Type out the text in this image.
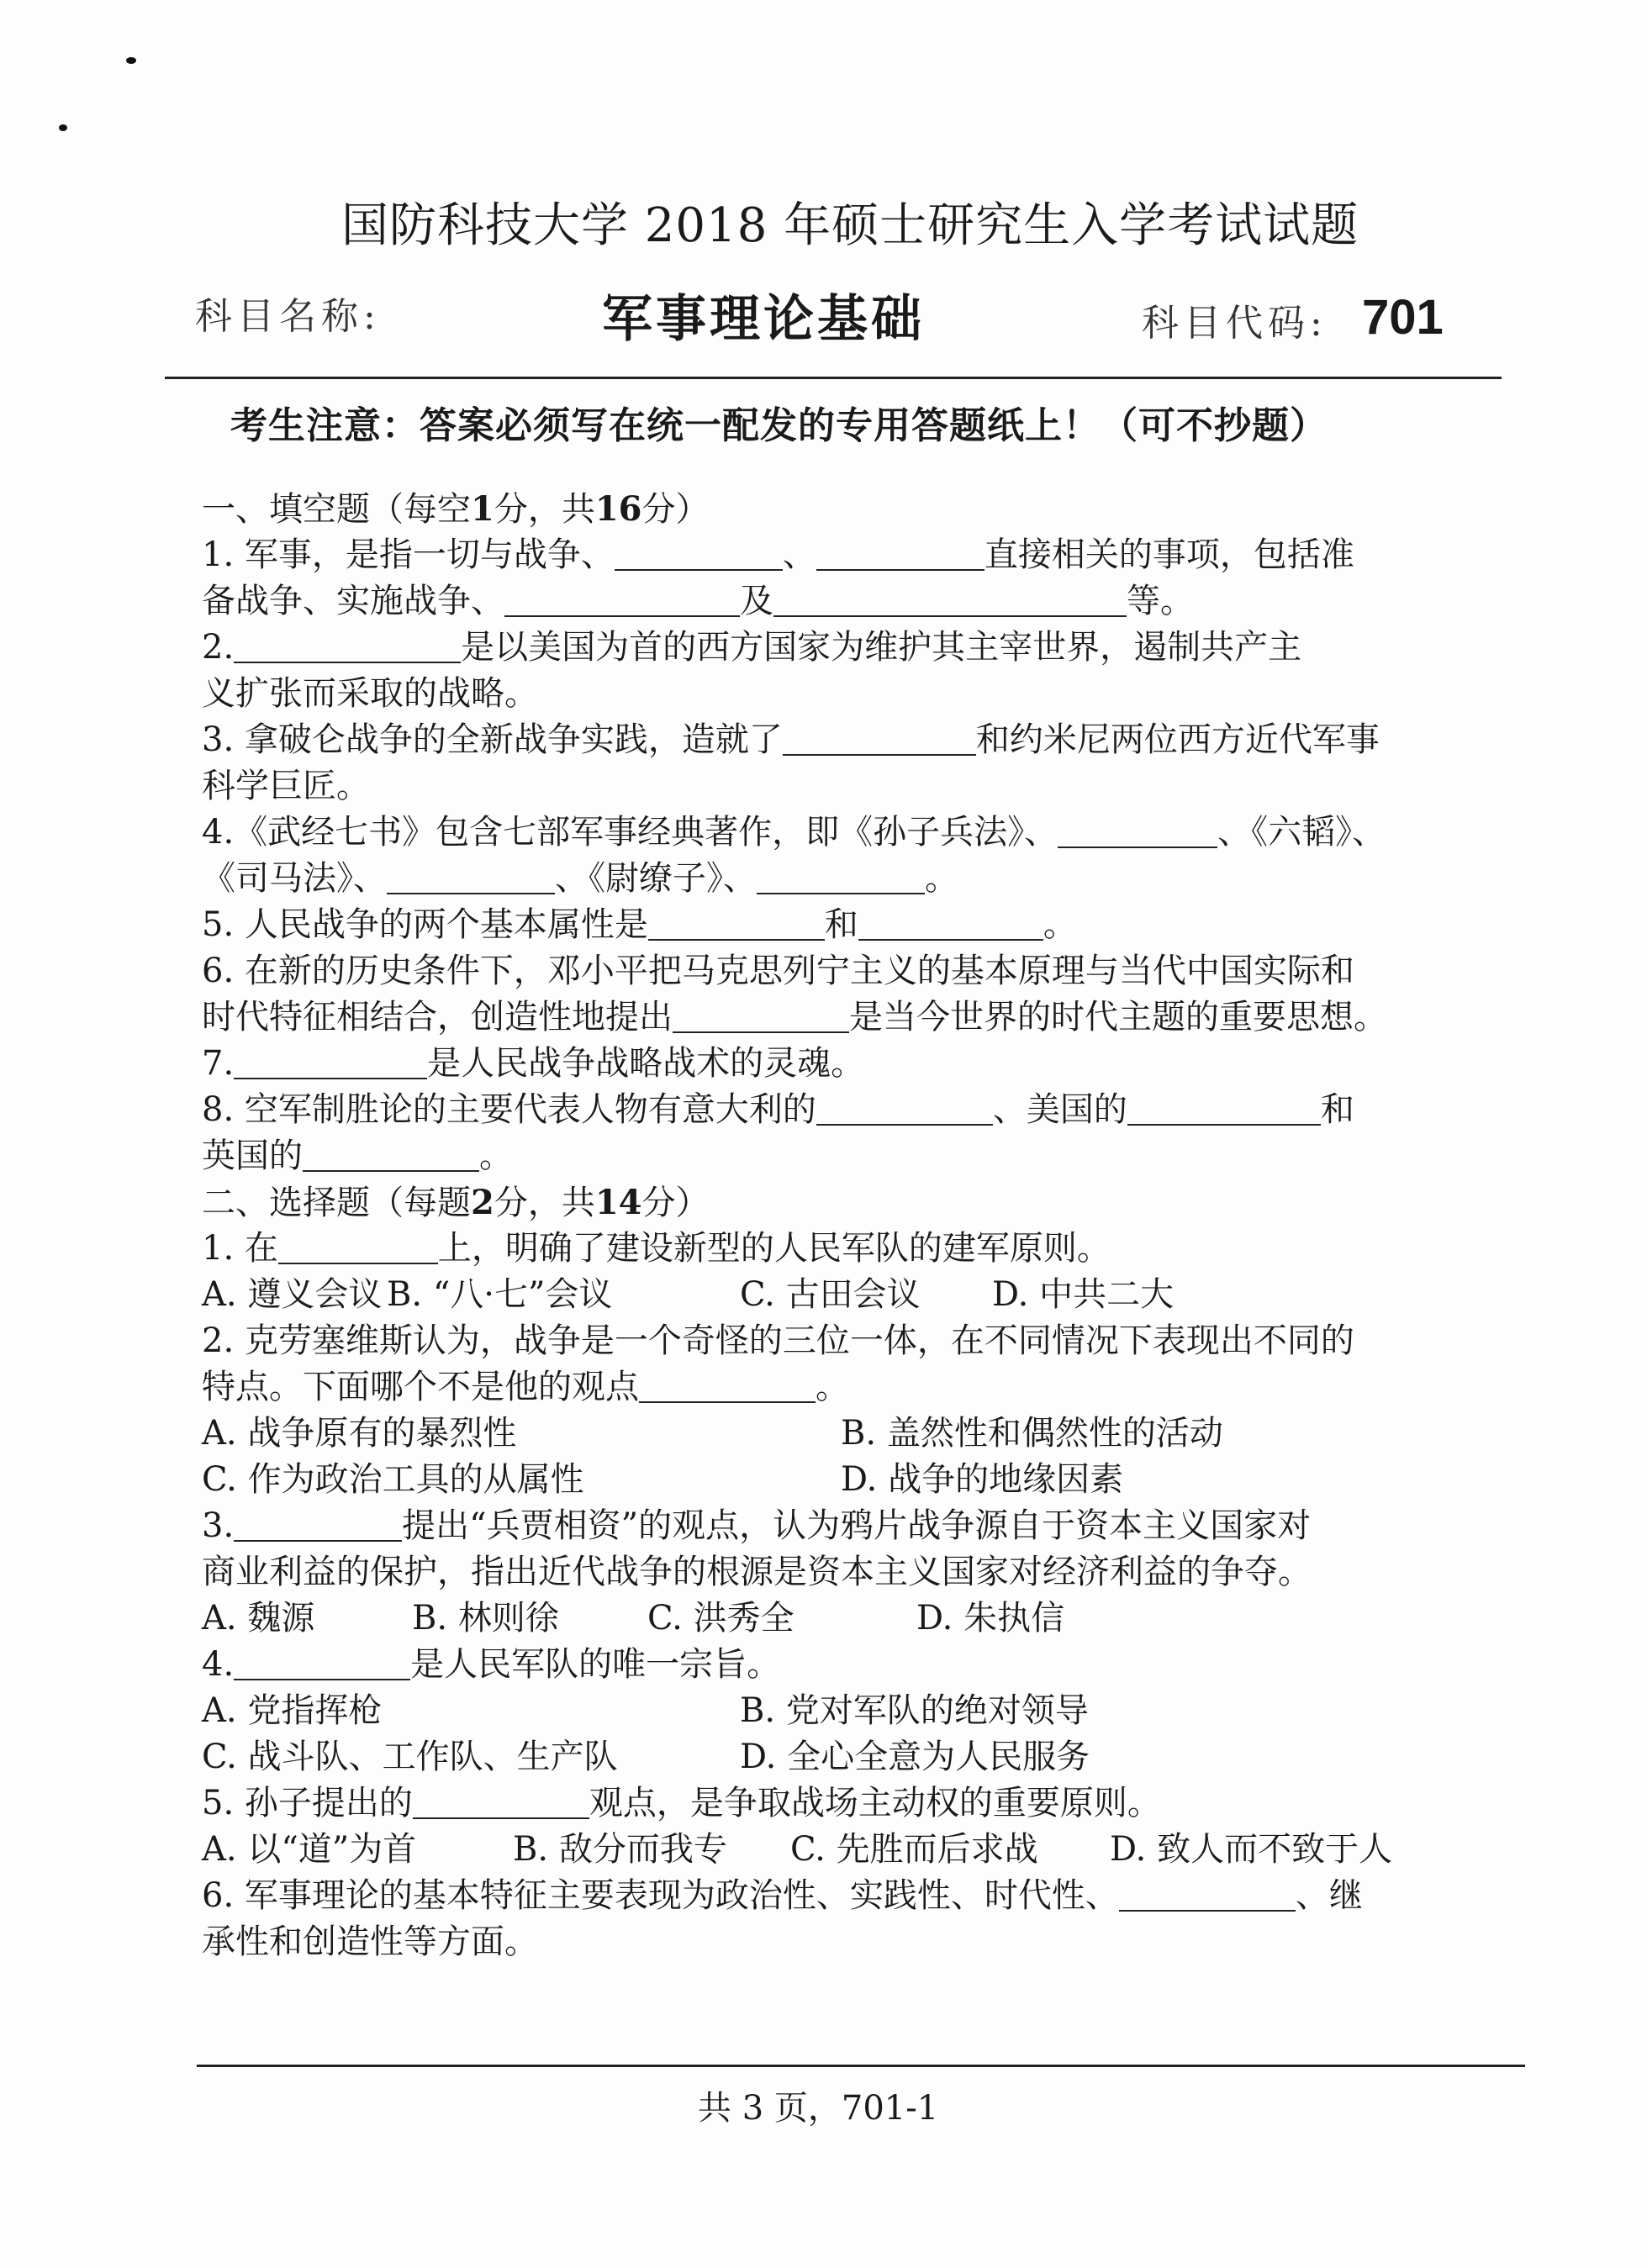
国防科技大学 2018 年硕士研究生入学考试试题
科目名称:	军事理论基础	科目代码: 701
考生注意：答案必须写在统一配发的专用答题纸上！（可不抄题）
一、填空题（每空1分，共16分）
1. 军事，是指一切与战争、	、	直接相关的事项，包括准
备战争、实施战争、	及	等。
2.	是以美国为首的西方国家为维护其主宰世界，遏制共产主
义扩张而采取的战略。
3. 拿破仑战争的全新战争实践，造就了	和约米尼两位西方近代军事
科学巨匠。
4.《武经七书》包含七部军事经典著作，即《孙子兵法》、	、《六韬》、
《司马法》、	、《尉缭子》、	。
5. 人民战争的两个基本属性是	和	。
6. 在新的历史条件下，邓小平把马克思列宁主义的基本原理与当代中国实际和
时代特征相结合，创造性地提出	是当今世界的时代主题的重要思想。
7.	是人民战争战略战术的灵魂。
8. 空军制胜论的主要代表人物有意大利的	、美国的	和
英国的	。
二、选择题（每题2分，共14分）
1. 在	上，明确了建设新型的人民军队的建军原则。
A. 遵义会议 B. “八·七”会议	C. 古田会议 D. 中共二大
2. 克劳塞维斯认为，战争是一个奇怪的三位一体，在不同情况下表现出不同的
特点。下面哪个不是他的观点	。
A. 战争原有的暴烈性	B. 盖然性和偶然性的活动
C. 作为政治工具的从属性	D. 战争的地缘因素
3.	提出“兵贾相资”的观点，认为鸦片战争源自于资本主义国家对
商业利益的保护，指出近代战争的根源是资本主义国家对经济利益的争夺。
A. 魏源	B. 林则徐	C. 洪秀全	D. 朱执信
4.	是人民军队的唯一宗旨。
A. 党指挥枪	B. 党对军队的绝对领导
C. 战斗队、工作队、生产队	D. 全心全意为人民服务
5. 孙子提出的	观点，是争取战场主动权的重要原则。
A. 以“道”为首	B. 敌分而我专 C. 先胜而后求战 D. 致人而不致于人
6. 军事理论的基本特征主要表现为政治性、实践性、时代性、	、继
承性和创造性等方面。
共 3 页，701-1
